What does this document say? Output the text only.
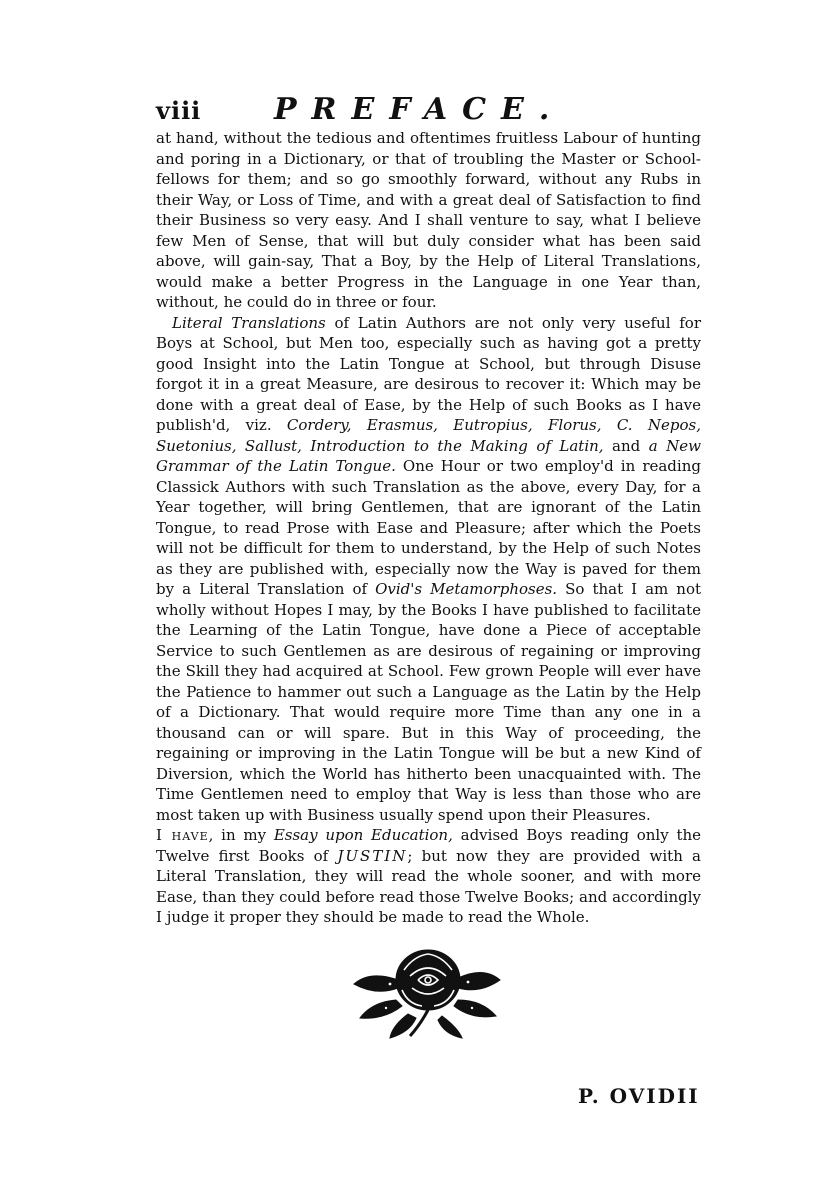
viii PREFACE.

at hand, without the tedious and oftentimes fruitless Labour of hunting and poring in a Dictionary, or that of troubling the Master or School-fellows for them; and so go smoothly forward, without any Rubs in their Way, or Loss of Time, and with a great deal of Satisfaction to find their Business so very easy. And I shall venture to say, what I believe few Men of Sense, that will but duly consider what has been said above, will gain-say, That a Boy, by the Help of Literal Translations, would make a better Progress in the Language in one Year than, without, he could do in three or four.

Literal Translations of Latin Authors are not only very useful for Boys at School, but Men too, especially such as having got a pretty good Insight into the Latin Tongue at School, but through Disuse forgot it in a great Measure, are desirous to recover it: Which may be done with a great deal of Ease, by the Help of such Books as I have publish'd, viz. Cordery, Erasmus, Eutropius, Florus, C. Nepos, Suetonius, Sallust, Introduction to the Making of Latin, and a New Grammar of the Latin Tongue. One Hour or two employ'd in reading Classick Authors with such Translation as the above, every Day, for a Year together, will bring Gentlemen, that are ignorant of the Latin Tongue, to read Prose with Ease and Pleasure; after which the Poets will not be difficult for them to understand, by the Help of such Notes as they are published with, especially now the Way is paved for them by a Literal Translation of Ovid's Metamorphoses. So that I am not wholly without Hopes I may, by the Books I have published to facilitate the Learning of the Latin Tongue, have done a Piece of acceptable Service to such Gentlemen as are desirous of regaining or improving the Skill they had acquired at School. Few grown People will ever have the Patience to hammer out such a Language as the Latin by the Help of a Dictionary. That would require more Time than any one in a thousand can or will spare. But in this Way of proceeding, the regaining or improving in the Latin Tongue will be but a new Kind of Diversion, which the World has hitherto been unacquainted with. The Time Gentlemen need to employ that Way is less than those who are most taken up with Business usually spend upon their Pleasures.

I have, in my Essay upon Education, advised Boys reading only the Twelve first Books of JUSTIN; but now they are provided with a Literal Translation, they will read the whole sooner, and with more Ease, than they could before read those Twelve Books; and accordingly I judge it proper they should be made to read the Whole.

P. OVIDII
